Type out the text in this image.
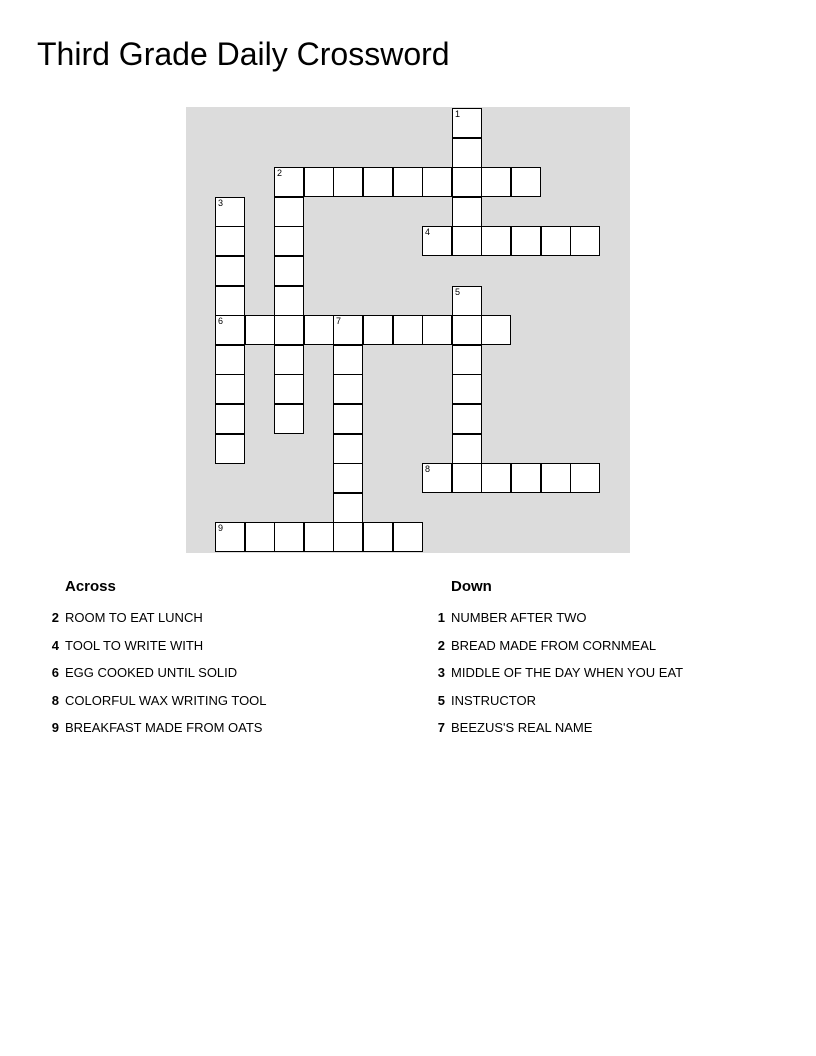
Third Grade Daily Crossword
1
2
3
6
4
5
7
8
9
Across
2 ROOM TO EAT LUNCH
4 TOOL TO WRITE WITH
6 EGG COOKED UNTIL SOLID
8 COLORFUL WAX WRITING TOOL
9 BREAKFAST MADE FROM OATS
Down
1 NUMBER AFTER TWO
2 BREAD MADE FROM CORNMEAL
3 MIDDLE OF THE DAY WHEN YOU EAT
5 INSTRUCTOR
7 BEEZUS'S REAL NAME
